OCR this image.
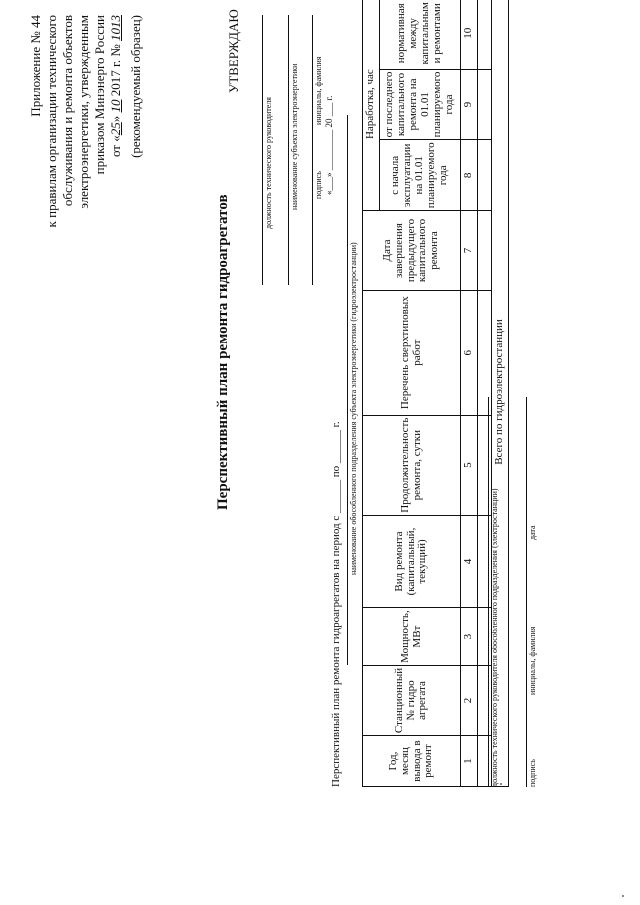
Приложение № 44 к правилам организации технического обслуживания и ремонта объектов электроэнергетики, утвержденным приказом Минэнерго России от «25» 10 2017 г. № 1013 (рекомендуемый образец)	УТВЕРЖДАЮ
должность технического руководителя наименование субъекта электроэнергетики подпись
инициалы, фамилия
«___» _________ 20 ___ г.
Перспективный план ремонта гидроагрегатов
Перспективный план ремонта гидроагрегатов на период с ______ по ______ г.
наименование обособленного подразделения субъекта электроэнергетики (гидроэлектростанции)
Год, месяц вывода в ремонт	Станционный № гидро агрегата	Мощность, МВт	Вид ремонта (капитальный, текущий)	Продолжительность ремонта, сутки	Перечень сверхтиповых работ	Дата завершения предыдущего капитального ремонта	Наработка, час		
							с начала эксплуатации на 01.01 планируемого года	от последнего капитального ремонта на 01.01 планируемого года	нормативная между капитальным и ремонтами
1	2	3	4	5	6	7	8	9	10

Всего по гидроэлектростанции									
должность технического руководителя обособленного подразделения (электростанции)	подпись
инициалы, фамилия
дата
